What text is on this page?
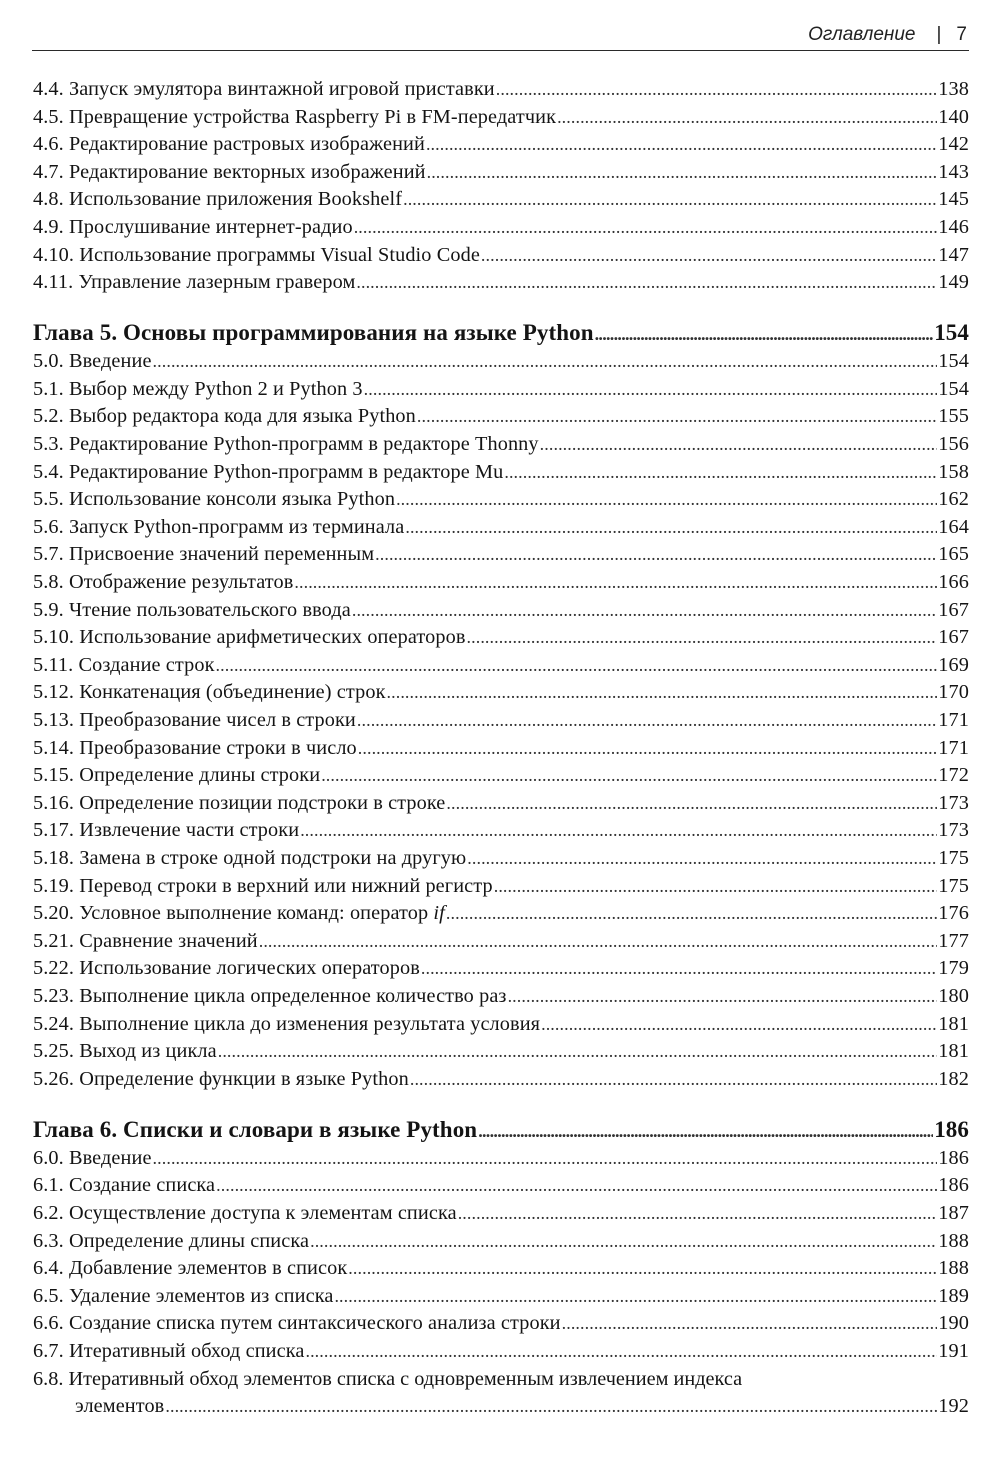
Оглавление | 7
4.4. Запуск эмулятора винтажной игровой приставки . . .	138
4.5. Превращение устройства Raspberry Pi в FM-передатчик . . .	140
4.6. Редактирование растровых изображений . . .	142
4.7. Редактирование векторных изображений . . .	143
4.8. Использование приложения Bookshelf . . .	145
4.9. Прослушивание интернет-радио . . .	146
4.10. Использование программы Visual Studio Code . . .	147
4.11. Управление лазерным гравером . . .	149
Глава 5. Основы программирования на языке Python . . .	154
5.0. Введение . . .	154
5.1. Выбор между Python 2 и Python 3 . . .	154
5.2. Выбор редактора кода для языка Python . . .	155
5.3. Редактирование Python-программ в редакторе Thonny . . .	156
5.4. Редактирование Python-программ в редакторе Mu . . .	158
5.5. Использование консоли языка Python . . .	162
5.6. Запуск Python-программ из терминала . . .	164
5.7. Присвоение значений переменным . . .	165
5.8. Отображение результатов . . .	166
5.9. Чтение пользовательского ввода . . .	167
5.10. Использование арифметических операторов . . .	167
5.11. Создание строк . . .	169
5.12. Конкатенация (объединение) строк . . .	170
5.13. Преобразование чисел в строки . . .	171
5.14. Преобразование строки в число . . .	171
5.15. Определение длины строки . . .	172
5.16. Определение позиции подстроки в строке . . .	173
5.17. Извлечение части строки . . .	173
5.18. Замена в строке одной подстроки на другую . . .	175
5.19. Перевод строки в верхний или нижний регистр . . .	175
5.20. Условное выполнение команд: оператор if . . .	176
5.21. Сравнение значений . . .	177
5.22. Использование логических операторов . . .	179
5.23. Выполнение цикла определенное количество раз . . .	180
5.24. Выполнение цикла до изменения результата условия . . .	181
5.25. Выход из цикла . . .	181
5.26. Определение функции в языке Python . . .	182
Глава 6. Списки и словари в языке Python . . .	186
6.0. Введение . . .	186
6.1. Создание списка . . .	186
6.2. Осуществление доступа к элементам списка . . .	187
6.3. Определение длины списка . . .	188
6.4. Добавление элементов в список . . .	188
6.5. Удаление элементов из списка . . .	189
6.6. Создание списка путем синтаксического анализа строки . . .	190
6.7. Итеративный обход списка . . .	191
6.8. Итеративный обход элементов списка с одновременным извлечением индекса
элементов . . .	192
